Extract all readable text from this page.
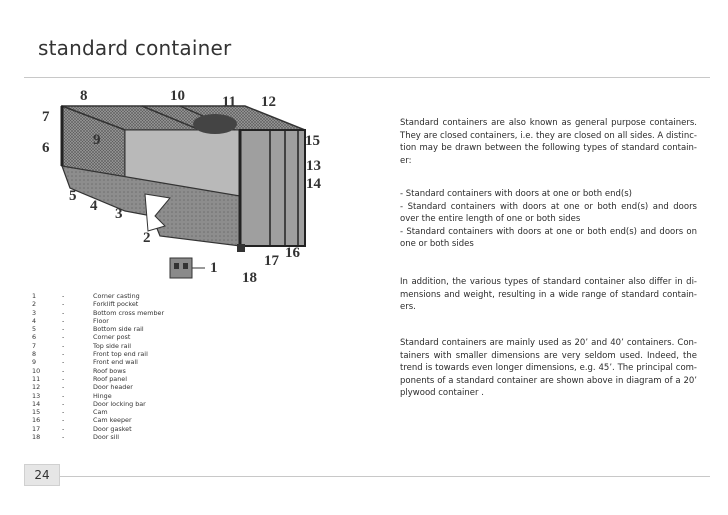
standard container
1
2
3
4
5
6
7
8
9
10 11 12
13
14
15
16
17
18
1	-	Corner casting
2	-	Forklift pocket
3	-	Bottom cross member
4	-	Floor
5	-	Bottom side rail
6	-	Corner post
7	-	Top side rail
8	-	Front top end rail
9	-	Front end wall
10	-	Roof bows
11	-	Roof panel
12	-	Door header
13	-	Hinge
14	-	Door locking bar
15	-	Cam
16	-	Cam keeper
17	-	Door gasket
18	-	Door sill

Standard containers are also known as general purpose containers. They are closed containers, i.e. they are closed on all sides. A distinc- tion may be drawn between the following types of standard contain- er:

- Standard containers with doors at one or both end(s)

- Standard containers with doors at one or both end(s) and doors over the entire length of one or both sides

- Standard containers with doors at one or both end(s) and doors on one or both sides

In addition, the various types of standard container also differ in di- mensions and weight, resulting in a wide range of standard contain- ers.

Standard containers are mainly used as 20’ and 40’ containers. Con- tainers with smaller dimensions are very seldom used. Indeed, the trend is towards even longer dimensions, e.g. 45’. The principal com- ponents of a standard container are shown above in diagram of a 20’ plywood container .

24
